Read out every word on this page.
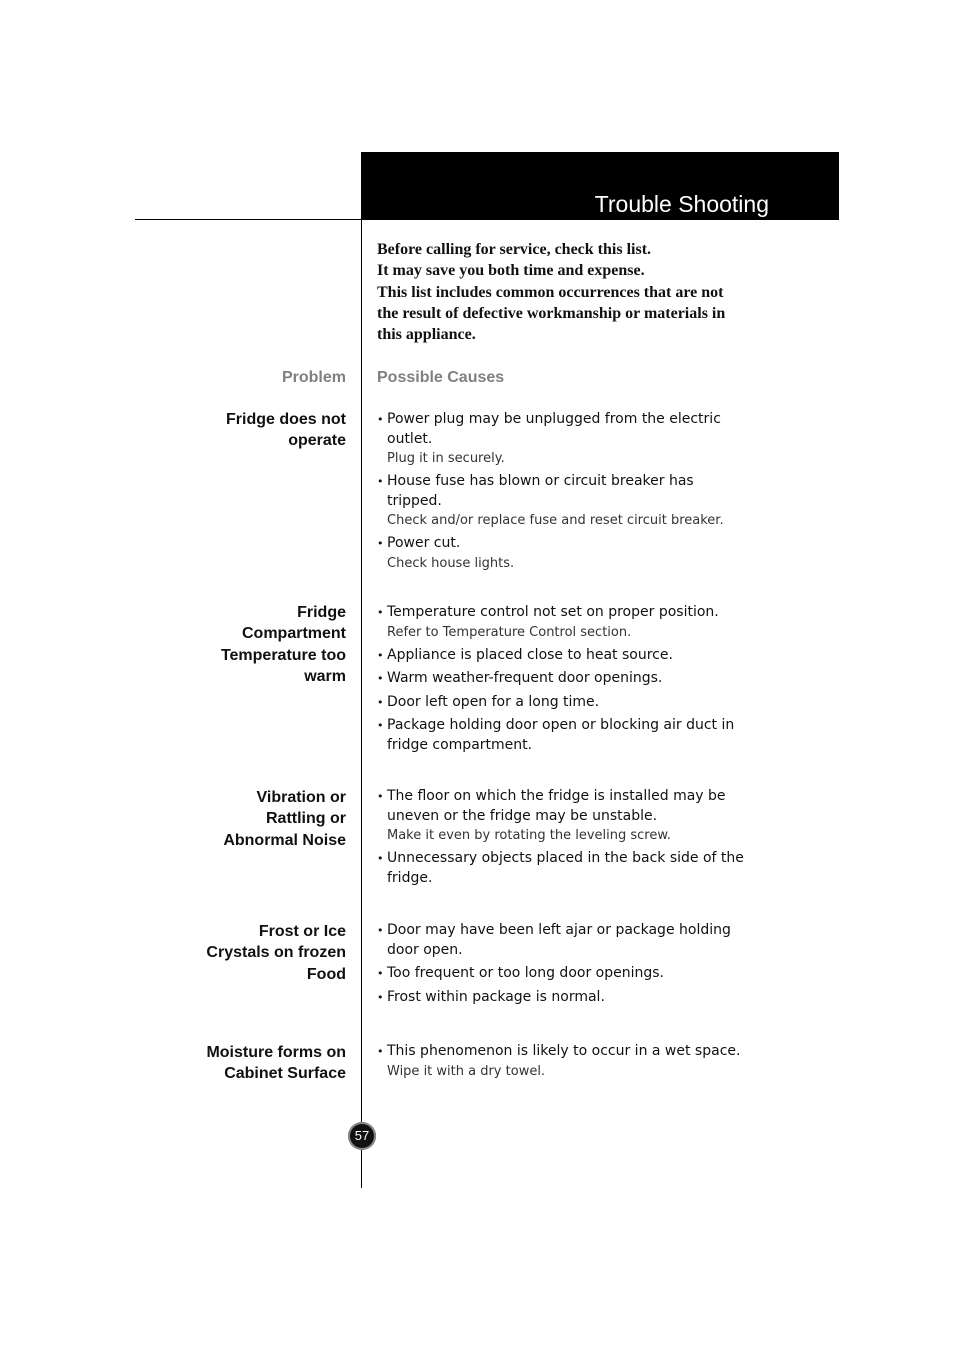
Trouble Shooting
Before calling for service, check this list.
It may save you both time and expense.
This list includes common occurrences that are not
the result of defective workmanship or materials in
this appliance.
Problem Possible Causes
Fridge does not
operate
• Power plug may be unplugged from the electric
outlet.
Plug it in securely.
• House fuse has blown or circuit breaker has
tripped.
Check and/or replace fuse and reset circuit breaker.
• Power cut.
Check house lights.
Fridge
Compartment
Temperature too
warm
• Temperature control not set on proper position.
Refer to Temperature Control section.
• Appliance is placed close to heat source.
• Warm weather-frequent door openings.
• Door left open for a long time.
• Package holding door open or blocking air duct in
fridge compartment.
Vibration or
Rattling or
Abnormal Noise
• The floor on which the fridge is installed may be
uneven or the fridge may be unstable.
Make it even by rotating the leveling screw.
• Unnecessary objects placed in the back side of the
fridge.
Frost or Ice
Crystals on frozen
Food
• Door may have been left ajar or package holding
door open.
• Too frequent or too long door openings.
• Frost within package is normal.
Moisture forms on
Cabinet Surface
• This phenomenon is likely to occur in a wet space.
Wipe it with a dry towel.
57
